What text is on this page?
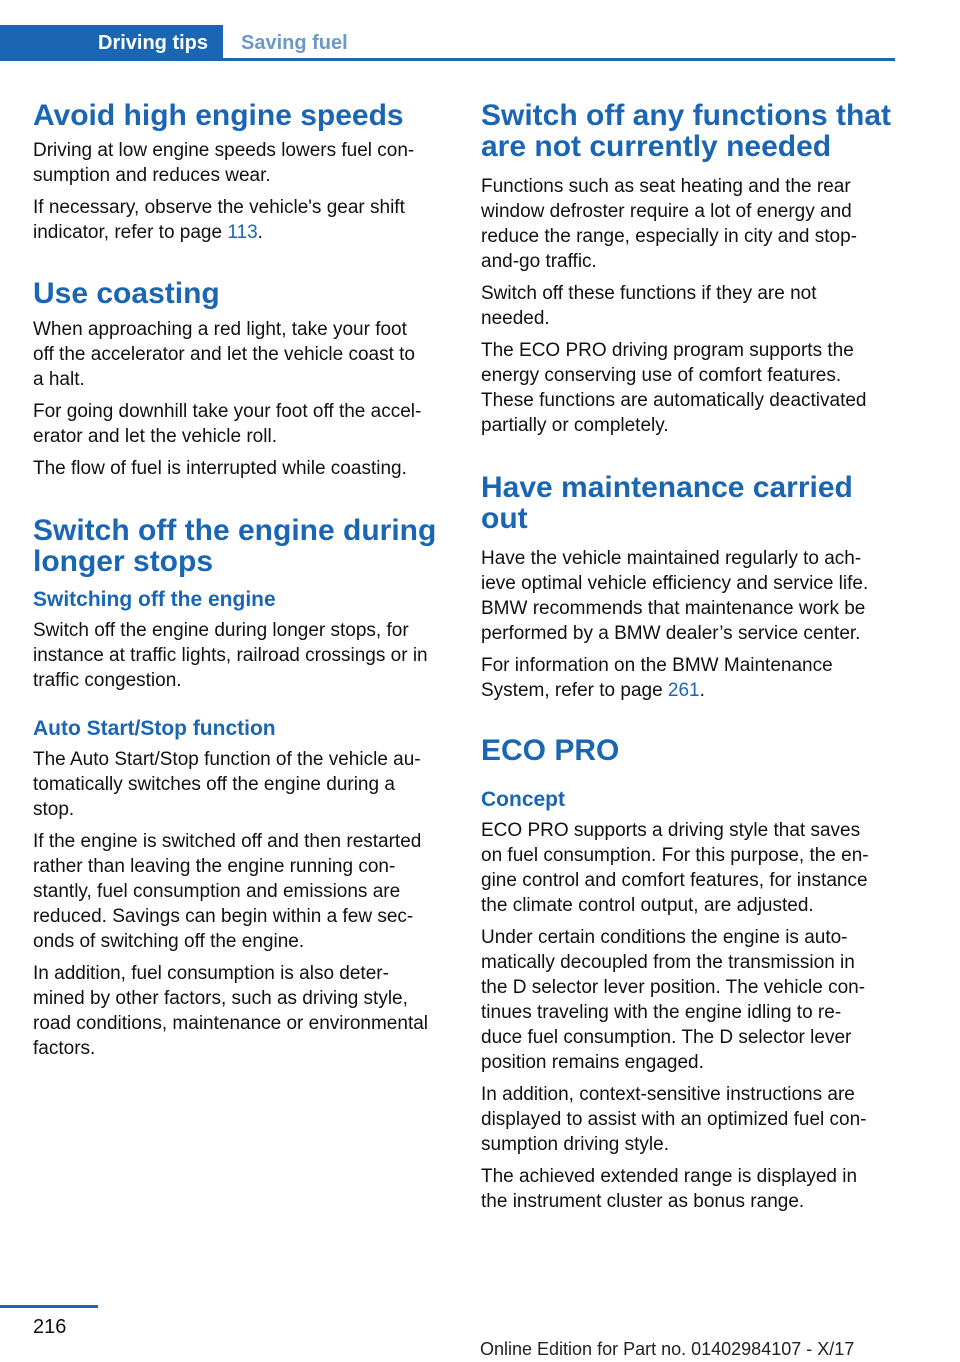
Driving tips	Saving fuel
Avoid high engine speeds

Driving at low engine speeds lowers fuel con‐
sumption and reduces wear.

If necessary, observe the vehicle's gear shift
indicator, refer to page 113.

Use coasting

When approaching a red light, take your foot
off the accelerator and let the vehicle coast to
a halt.

For going downhill take your foot off the accel‐
erator and let the vehicle roll.

The flow of fuel is interrupted while coasting.

Switch off the engine during
longer stops
Switching off the engine

Switch off the engine during longer stops, for
instance at traffic lights, railroad crossings or in
traffic congestion.

Auto Start/Stop function

The Auto Start/Stop function of the vehicle au‐
tomatically switches off the engine during a
stop.

If the engine is switched off and then restarted
rather than leaving the engine running con‐
stantly, fuel consumption and emissions are
reduced. Savings can begin within a few sec‐
onds of switching off the engine.

In addition, fuel consumption is also deter‐
mined by other factors, such as driving style,
road conditions, maintenance or environmental
factors.

Switch off any functions that
are not currently needed

Functions such as seat heating and the rear
window defroster require a lot of energy and
reduce the range, especially in city and stop-
and-go traffic.

Switch off these functions if they are not
needed.

The ECO PRO driving program supports the
energy conserving use of comfort features.
These functions are automatically deactivated
partially or completely.

Have maintenance carried
out

Have the vehicle maintained regularly to ach‐
ieve optimal vehicle efficiency and service life.
BMW recommends that maintenance work be
performed by a BMW dealer’s service center.

For information on the BMW Maintenance
System, refer to page 261.

ECO PRO
Concept

ECO PRO supports a driving style that saves
on fuel consumption. For this purpose, the en‐
gine control and comfort features, for instance
the climate control output, are adjusted.

Under certain conditions the engine is auto‐
matically decoupled from the transmission in
the D selector lever position. The vehicle con‐
tinues traveling with the engine idling to re‐
duce fuel consumption. The D selector lever
position remains engaged.

In addition, context-sensitive instructions are
displayed to assist with an optimized fuel con‐
sumption driving style.

The achieved extended range is displayed in
the instrument cluster as bonus range.

216
Online Edition for Part no. 01402984107 - X/17
